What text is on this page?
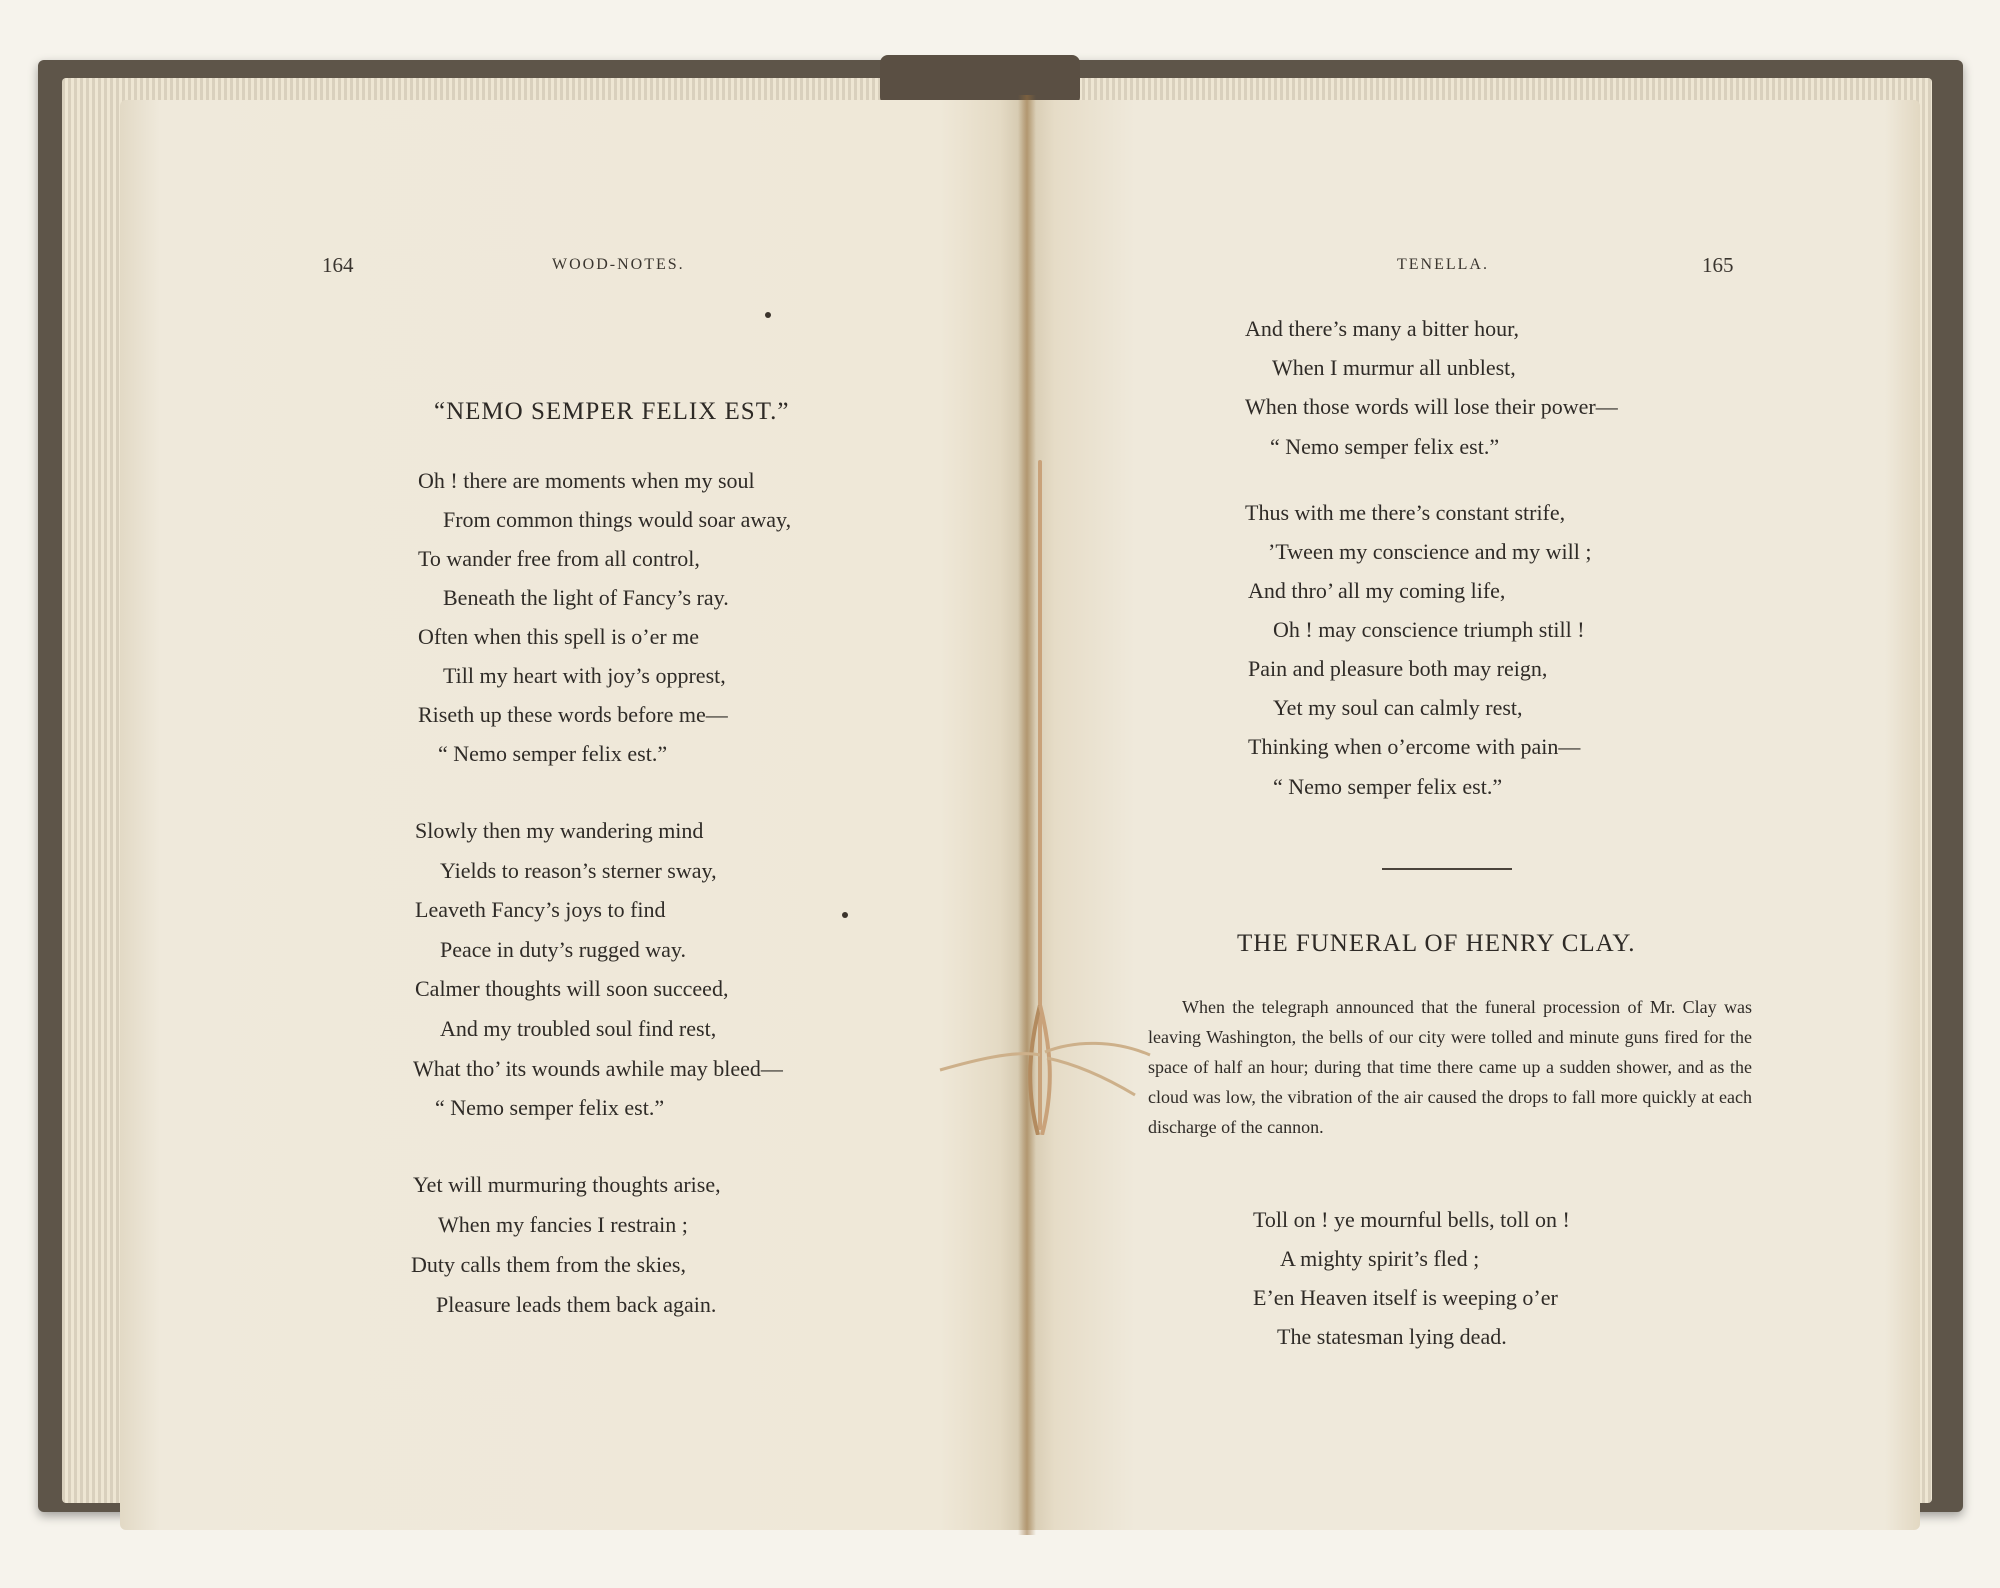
164	WOOD-NOTES.
“NEMO SEMPER FELIX EST.”
Oh ! there are moments when my soul
From common things would soar away,
To wander free from all control,
Beneath the light of Fancy’s ray.
Often when this spell is o’er me
Till my heart with joy’s opprest,
Riseth up these words before me—
“ Nemo semper felix est.”
Slowly then my wandering mind
Yields to reason’s sterner sway,
Leaveth Fancy’s joys to find
Peace in duty’s rugged way.
Calmer thoughts will soon succeed,
And my troubled soul find rest,
What tho’ its wounds awhile may bleed—
“ Nemo semper felix est.”
Yet will murmuring thoughts arise,
When my fancies I restrain ;
Duty calls them from the skies,
Pleasure leads them back again.
TENELLA.	165
And there’s many a bitter hour,
When I murmur all unblest,
When those words will lose their power—
“ Nemo semper felix est.”
Thus with me there’s constant strife,
’Tween my conscience and my will ;
And thro’ all my coming life,
Oh ! may conscience triumph still !
Pain and pleasure both may reign,
Yet my soul can calmly rest,
Thinking when o’ercome with pain—
“ Nemo semper felix est.”
THE FUNERAL OF HENRY CLAY.

When the telegraph announced that the funeral procession of Mr. Clay was leaving Washington, the bells of our city were tolled and minute guns fired for the space of half an hour; during that time there came up a sudden shower, and as the cloud was low, the vibration of the air caused the drops to fall more quickly at each discharge of the cannon.

Toll on ! ye mournful bells, toll on !
A mighty spirit’s fled ;
E’en Heaven itself is weeping o’er
The statesman lying dead.
